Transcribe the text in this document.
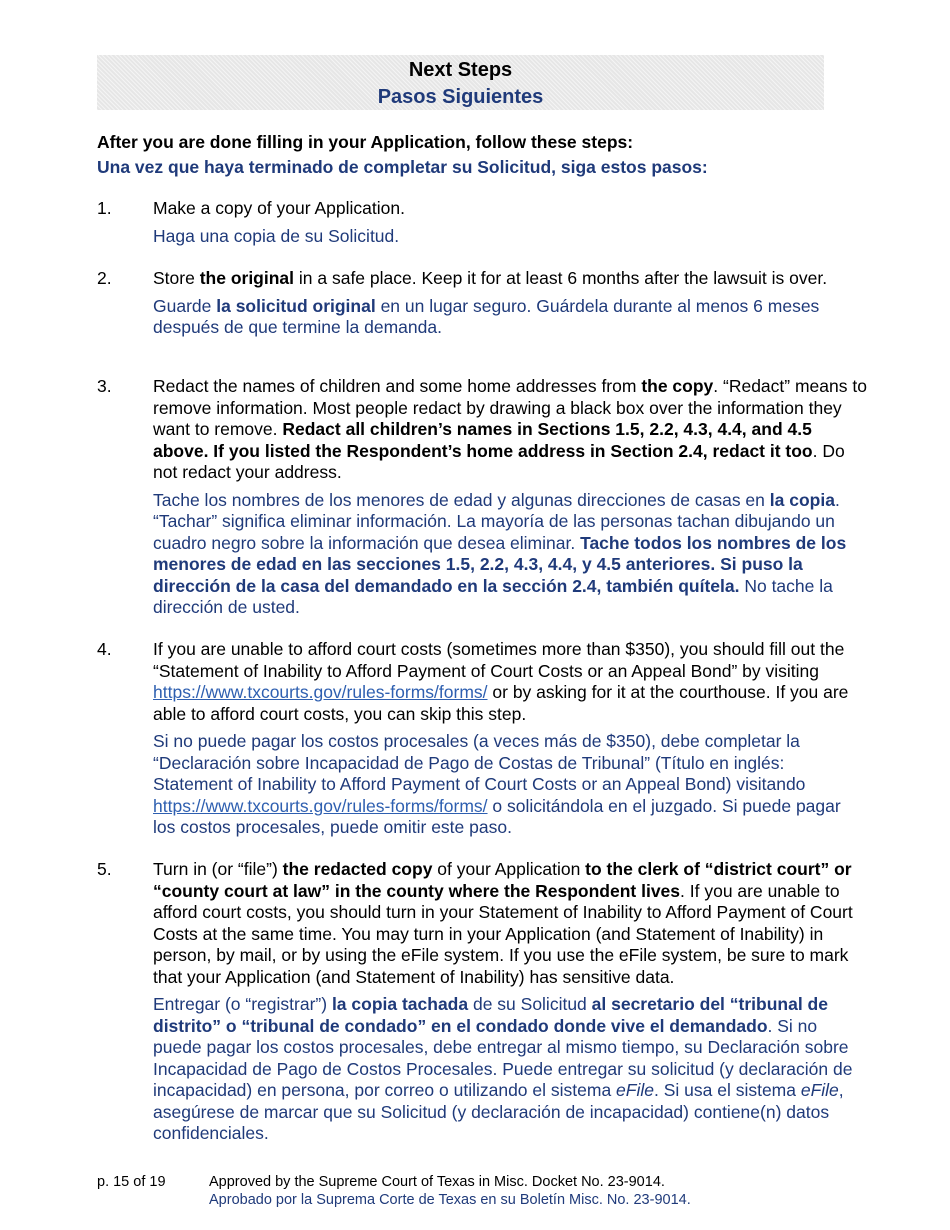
Next Steps
Pasos Siguientes
After you are done filling in your Application, follow these steps:
Una vez que haya terminado de completar su Solicitud, siga estos pasos:
1.	Make a copy of your Application.
Haga una copia de su Solicitud.
2.	Store the original in a safe place. Keep it for at least 6 months after the lawsuit is over.
Guarde la solicitud original en un lugar seguro. Guárdela durante al menos 6 meses después de que termine la demanda.
3.	Redact the names of children and some home addresses from the copy. “Redact” means to remove information. Most people redact by drawing a black box over the information they want to remove. Redact all children’s names in Sections 1.5, 2.2, 4.3, 4.4, and 4.5 above. If you listed the Respondent’s home address in Section 2.4, redact it too. Do not redact your address.
Tache los nombres de los menores de edad y algunas direcciones de casas en la copia. “Tachar” significa eliminar información. La mayoría de las personas tachan dibujando un cuadro negro sobre la información que desea eliminar. Tache todos los nombres de los menores de edad en las secciones 1.5, 2.2, 4.3, 4.4, y 4.5 anteriores. Si puso la dirección de la casa del demandado en la sección 2.4, también quítela. No tache la dirección de usted.
4.	If you are unable to afford court costs (sometimes more than $350), you should fill out the “Statement of Inability to Afford Payment of Court Costs or an Appeal Bond” by visiting https://www.txcourts.gov/rules-forms/forms/ or by asking for it at the courthouse. If you are able to afford court costs, you can skip this step.
Si no puede pagar los costos procesales (a veces más de $350), debe completar la “Declaración sobre Incapacidad de Pago de Costas de Tribunal” (Título en inglés: Statement of Inability to Afford Payment of Court Costs or an Appeal Bond) visitando https://www.txcourts.gov/rules-forms/forms/ o solicitándola en el juzgado. Si puede pagar los costos procesales, puede omitir este paso.
5.	Turn in (or “file”) the redacted copy of your Application to the clerk of “district court” or “county court at law” in the county where the Respondent lives. If you are unable to afford court costs, you should turn in your Statement of Inability to Afford Payment of Court Costs at the same time. You may turn in your Application (and Statement of Inability) in person, by mail, or by using the eFile system. If you use the eFile system, be sure to mark that your Application (and Statement of Inability) has sensitive data.
Entregar (o “registrar”) la copia tachada de su Solicitud al secretario del “tribunal de distrito” o “tribunal de condado” en el condado donde vive el demandado. Si no puede pagar los costos procesales, debe entregar al mismo tiempo, su Declaración sobre Incapacidad de Pago de Costos Procesales. Puede entregar su solicitud (y declaración de incapacidad) en persona, por correo o utilizando el sistema eFile. Si usa el sistema eFile, asegúrese de marcar que su Solicitud (y declaración de incapacidad) contiene(n) datos confidenciales.
p. 15 of 19	Approved by the Supreme Court of Texas in Misc. Docket No. 23-9014.
Aprobado por la Suprema Corte de Texas en su Boletín Misc. No. 23-9014.
